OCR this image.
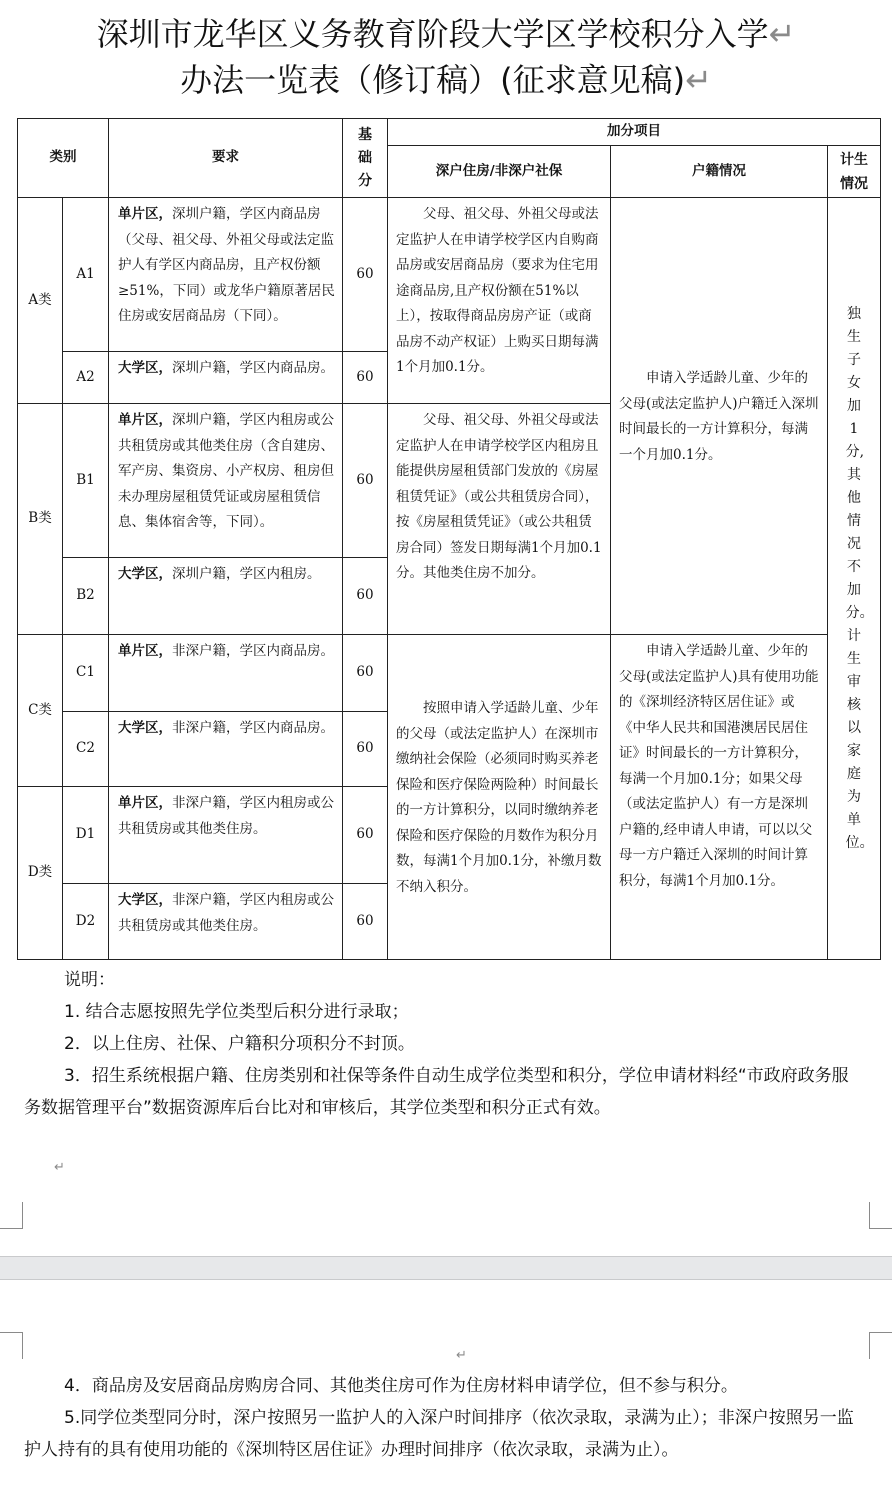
深圳市龙华区义务教育阶段大学区学校积分入学↵
办法一览表（修订稿）(征求意见稿)↵
类别		要求	基础分	加分项目		
				深户住房/非深户社保	户籍情况	计生情况

A类	A1	单片区，深圳户籍，学区内商品房（父母、祖父母、外祖父母或法定监护人有学区内商品房，且产权份额≥51%，下同）或龙华户籍原著居民住房或安居商品房（下同）。	60	父母、祖父母、外祖父母或法定监护人在申请学校学区内自购商品房或安居商品房（要求为住宅用途商品房,且产权份额在51%以上），按取得商品房房产证（或商品房不动产权证）上购买日期每满1个月加0.1分。	申请入学适龄儿童、少年的父母(或法定监护人)户籍迁入深圳时间最长的一方计算积分，每满一个月加0.1分。	独生子女加1分,其他情况不加分。计生审核以家庭为单位。

	A2	大学区，深圳户籍，学区内商品房。	60			
B类	B1	单片区，深圳户籍，学区内租房或公共租赁房或其他类住房（含自建房、军产房、集资房、小产权房、租房但未办理房屋租赁凭证或房屋租赁信息、集体宿舍等，下同）。	60	父母、祖父母、外祖父母或法定监护人在申请学校学区内租房且能提供房屋租赁部门发放的《房屋租赁凭证》（或公共租赁房合同），按《房屋租赁凭证》（或公共租赁房合同）签发日期每满1个月加0.1分。其他类住房不加分。		

	B2	大学区，深圳户籍，学区内租房。	60			
C类	C1	单片区，非深户籍，学区内商品房。	60	按照申请入学适龄儿童、少年的父母（或法定监护人）在深圳市缴纳社会保险（必须同时购买养老保险和医疗保险两险种）时间最长的一方计算积分，以同时缴纳养老保险和医疗保险的月数作为积分月数，每满1个月加0.1分，补缴月数不纳入积分。	申请入学适龄儿童、少年的父母(或法定监护人)具有使用功能的《深圳经济特区居住证》或《中华人民共和国港澳居民居住证》时间最长的一方计算积分，每满一个月加0.1分；如果父母（或法定监护人）有一方是深圳户籍的,经申请人申请，可以以父母一方户籍迁入深圳的时间计算积分，每满1个月加0.1分。	

	C2	大学区，非深户籍，学区内商品房。	60			
D类	D1	单片区，非深户籍，学区内租房或公共租赁房或其他类住房。	60			
	D2	大学区，非深户籍，学区内租房或公共租赁房或其他类住房。	60			

说明：

1. 结合志愿按照先学位类型后积分进行录取；

2．以上住房、社保、户籍积分项积分不封顶。

3．招生系统根据户籍、住房类别和社保等条件自动生成学位类型和积分，学位申请材料经“市政府政务服务数据管理平台”数据资源库后台比对和审核后，其学位类型和积分正式有效。

↵
↵

4．商品房及安居商品房购房合同、其他类住房可作为住房材料申请学位，但不参与积分。

5.同学位类型同分时，深户按照另一监护人的入深户时间排序（依次录取，录满为止）；非深户按照另一监护人持有的具有使用功能的《深圳特区居住证》办理时间排序（依次录取，录满为止）。
